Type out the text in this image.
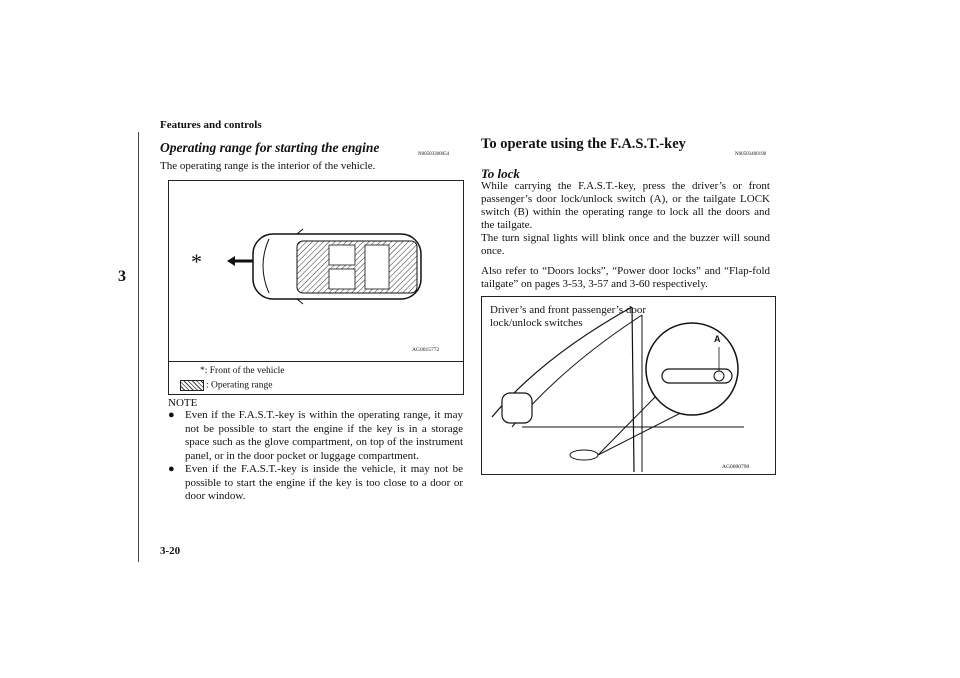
Features and controls
3
Operating range for starting the engine	N00503300054
The operating range is the interior of the vehicle.
*
AG0015772
*: Front of the vehicle
: Operating range
NOTE
● Even if the F.A.S.T.-key is within the operating range, it may not be possible to start the engine if the key is in a storage space such as the glove compartment, on top of the instrument panel, or in the door pocket or luggage compartment.
● Even if the F.A.S.T.-key is inside the vehicle, it may not be possible to start the engine if the key is too close to a door or door window.
To operate using the F.A.S.T.-key
N00503400198
To lock
While carrying the F.A.S.T.-key, press the driver’s or front passenger’s door lock/unlock switch (A), or the tailgate LOCK switch (B) within the operating range to lock all the doors and the tailgate.
The turn signal lights will blink once and the buzzer will sound once.
Also refer to “Doors locks”, “Power door locks” and “Flap-fold tailgate” on pages 3-53, 3-57 and 3-60 respectively.
Driver’s and front passenger’s door lock/unlock switches
A
AG0000790
3-20
